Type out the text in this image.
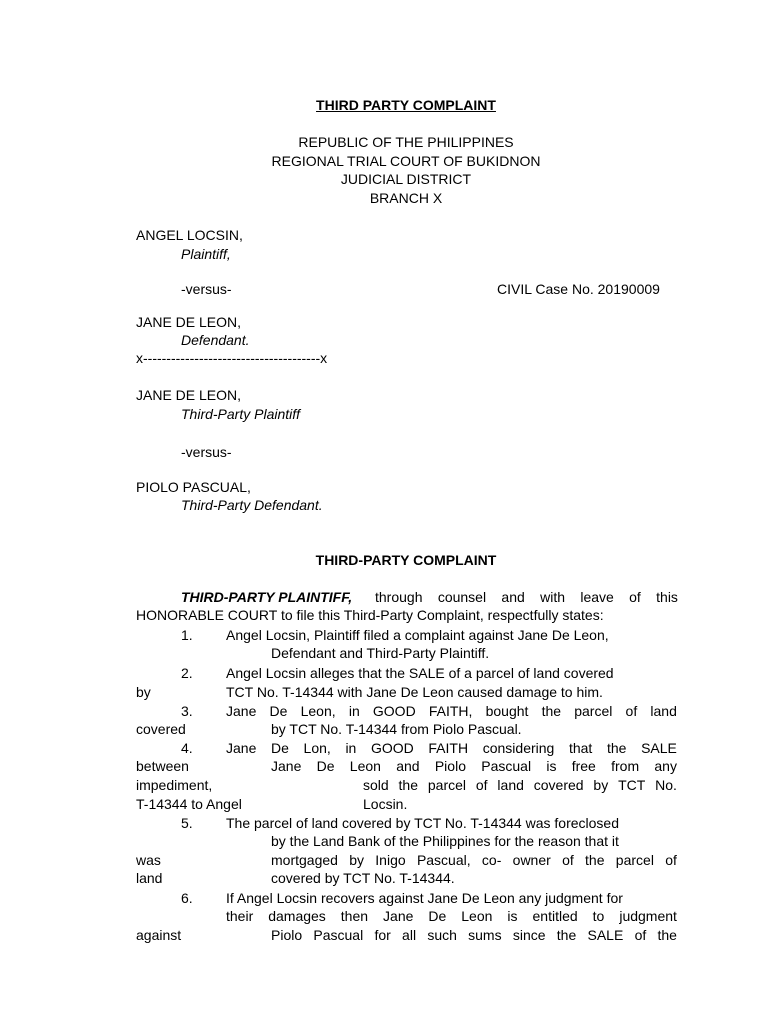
THIRD PARTY COMPLAINT
REPUBLIC OF THE PHILIPPINES
REGIONAL TRIAL COURT OF BUKIDNON
JUDICIAL DISTRICT
BRANCH X
ANGEL LOCSIN,
Plaintiff,
-versus-	CIVIL Case No. 20190009
JANE DE LEON,
Defendant.
x--------------------------------------x
JANE DE LEON,
Third-Party Plaintiff
-versus-
PIOLO PASCUAL,
Third-Party Defendant.
THIRD-PARTY COMPLAINT
THIRD-PARTY PLAINTIFF, through counsel and with leave of this
HONORABLE COURT to file this Third-Party Complaint, respectfully states:
1. Angel Locsin, Plaintiff filed a complaint against Jane De Leon,
Defendant and Third-Party Plaintiff.
2. Angel Locsin alleges that the SALE of a parcel of land covered
by	TCT No. T-14344 with Jane De Leon caused damage to him.
3. Jane De Leon, in GOOD FAITH, bought the parcel of land
covered	by TCT No. T-14344 from Piolo Pascual.
4. Jane De Lon, in GOOD FAITH considering that the SALE
between	Jane De Leon and Piolo Pascual is free from any
impediment,	sold the parcel of land covered by TCT No.
T-14344 to Angel	Locsin.
5. The parcel of land covered by TCT No. T-14344 was foreclosed
by the Land Bank of the Philippines for the reason that it
was	mortgaged by Inigo Pascual, co- owner of the parcel of
land	covered by TCT No. T-14344.
6. If Angel Locsin recovers against Jane De Leon any judgment for
their damages then Jane De Leon is entitled to judgment
against	Piolo Pascual for all such sums since the SALE of the
